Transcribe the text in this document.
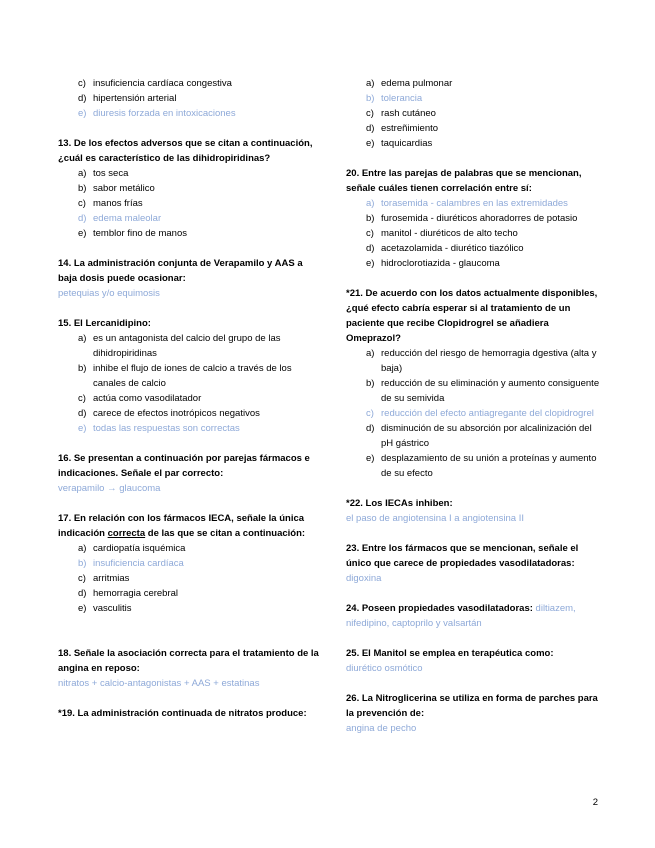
c) insuficiencia cardíaca congestiva
d) hipertensión arterial
e) diuresis forzada en intoxicaciones

13. De los efectos adversos que se citan a continuación, ¿cuál es característico de las dihidropiridinas?

a) tos seca
b) sabor metálico
c) manos frías
d) edema maleolar
e) temblor fino de manos

14. La administración conjunta de Verapamilo y AAS a baja dosis puede ocasionar:

petequias y/o equimosis

15. El Lercanidipino:

a) es un antagonista del calcio del grupo de las dihidropiridinas
b) inhibe el flujo de iones de calcio a través de los canales de calcio
c) actúa como vasodilatador
d) carece de efectos inotrópicos negativos
e) todas las respuestas son correctas

16. Se presentan a continuación por parejas fármacos e indicaciones. Señale el par correcto:

verapamilo → glaucoma

17. En relación con los fármacos IECA, señale la única indicación correcta de las que se citan a continuación:

a) cardiopatía isquémica
b) insuficiencia cardíaca
c) arritmias
d) hemorragia cerebral
e) vasculitis

18. Señale la asociación correcta para el tratamiento de la angina en reposo:

nitratos + calcio-antagonistas + AAS + estatinas

*19. La administración continuada de nitratos produce:

a) edema pulmonar
b) tolerancia
c) rash cutáneo
d) estreñimiento
e) taquicardias

20. Entre las parejas de palabras que se mencionan, señale cuáles tienen correlación entre sí:

a) torasemida - calambres en las extremidades
b) furosemida - diuréticos ahoradorres de potasio
c) manitol - diuréticos de alto techo
d) acetazolamida - diurético tiazólico
e) hidroclorotiazida - glaucoma

*21. De acuerdo con los datos actualmente disponibles, ¿qué efecto cabría esperar si al tratamiento de un paciente que recibe Clopidrogrel se añadiera Omeprazol?

a) reducción del riesgo de hemorragia dgestiva (alta y baja)
b) reducción de su eliminación y aumento consiguente de su semivida
c) reducción del efecto antiagregante del clopidrogrel
d) disminución de su absorción por alcalinización del pH gástrico
e) desplazamiento de su unión a proteínas y aumento de su efecto

*22. Los IECAs inhiben:

el paso de angiotensina I a angiotensina II

23. Entre los fármacos que se mencionan, señale el único que carece de propiedades vasodilatadoras:

digoxina

24. Poseen propiedades vasodilatadoras: diltiazem,

nifedipino, captoprilo y valsartán

25. El Manitol se emplea en terapéutica como:

diurético osmótico

26. La Nitroglicerina se utiliza en forma de parches para la prevención de:

angina de pecho

2
